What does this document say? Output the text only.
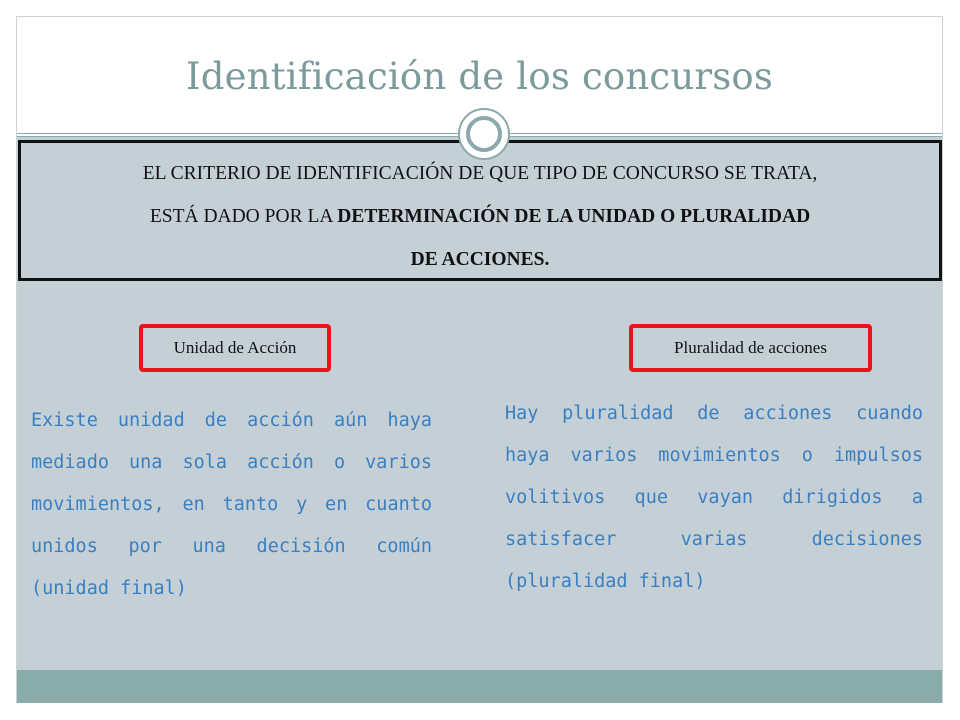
Identificación de los concursos
EL CRITERIO DE IDENTIFICACIÓN DE QUE TIPO DE CONCURSO SE TRATA,
ESTÁ DADO POR LA DETERMINACIÓN DE LA UNIDAD O PLURALIDAD
DE ACCIONES.
Unidad de Acción	Pluralidad de acciones
Existe unidad de acción aún haya mediado una sola acción o varios movimientos, en tanto y en cuanto unidos por una decisión común (unidad final)
Hay pluralidad de acciones cuando haya varios movimientos o impulsos volitivos que vayan dirigidos a satisfacer varias decisiones (pluralidad final)
